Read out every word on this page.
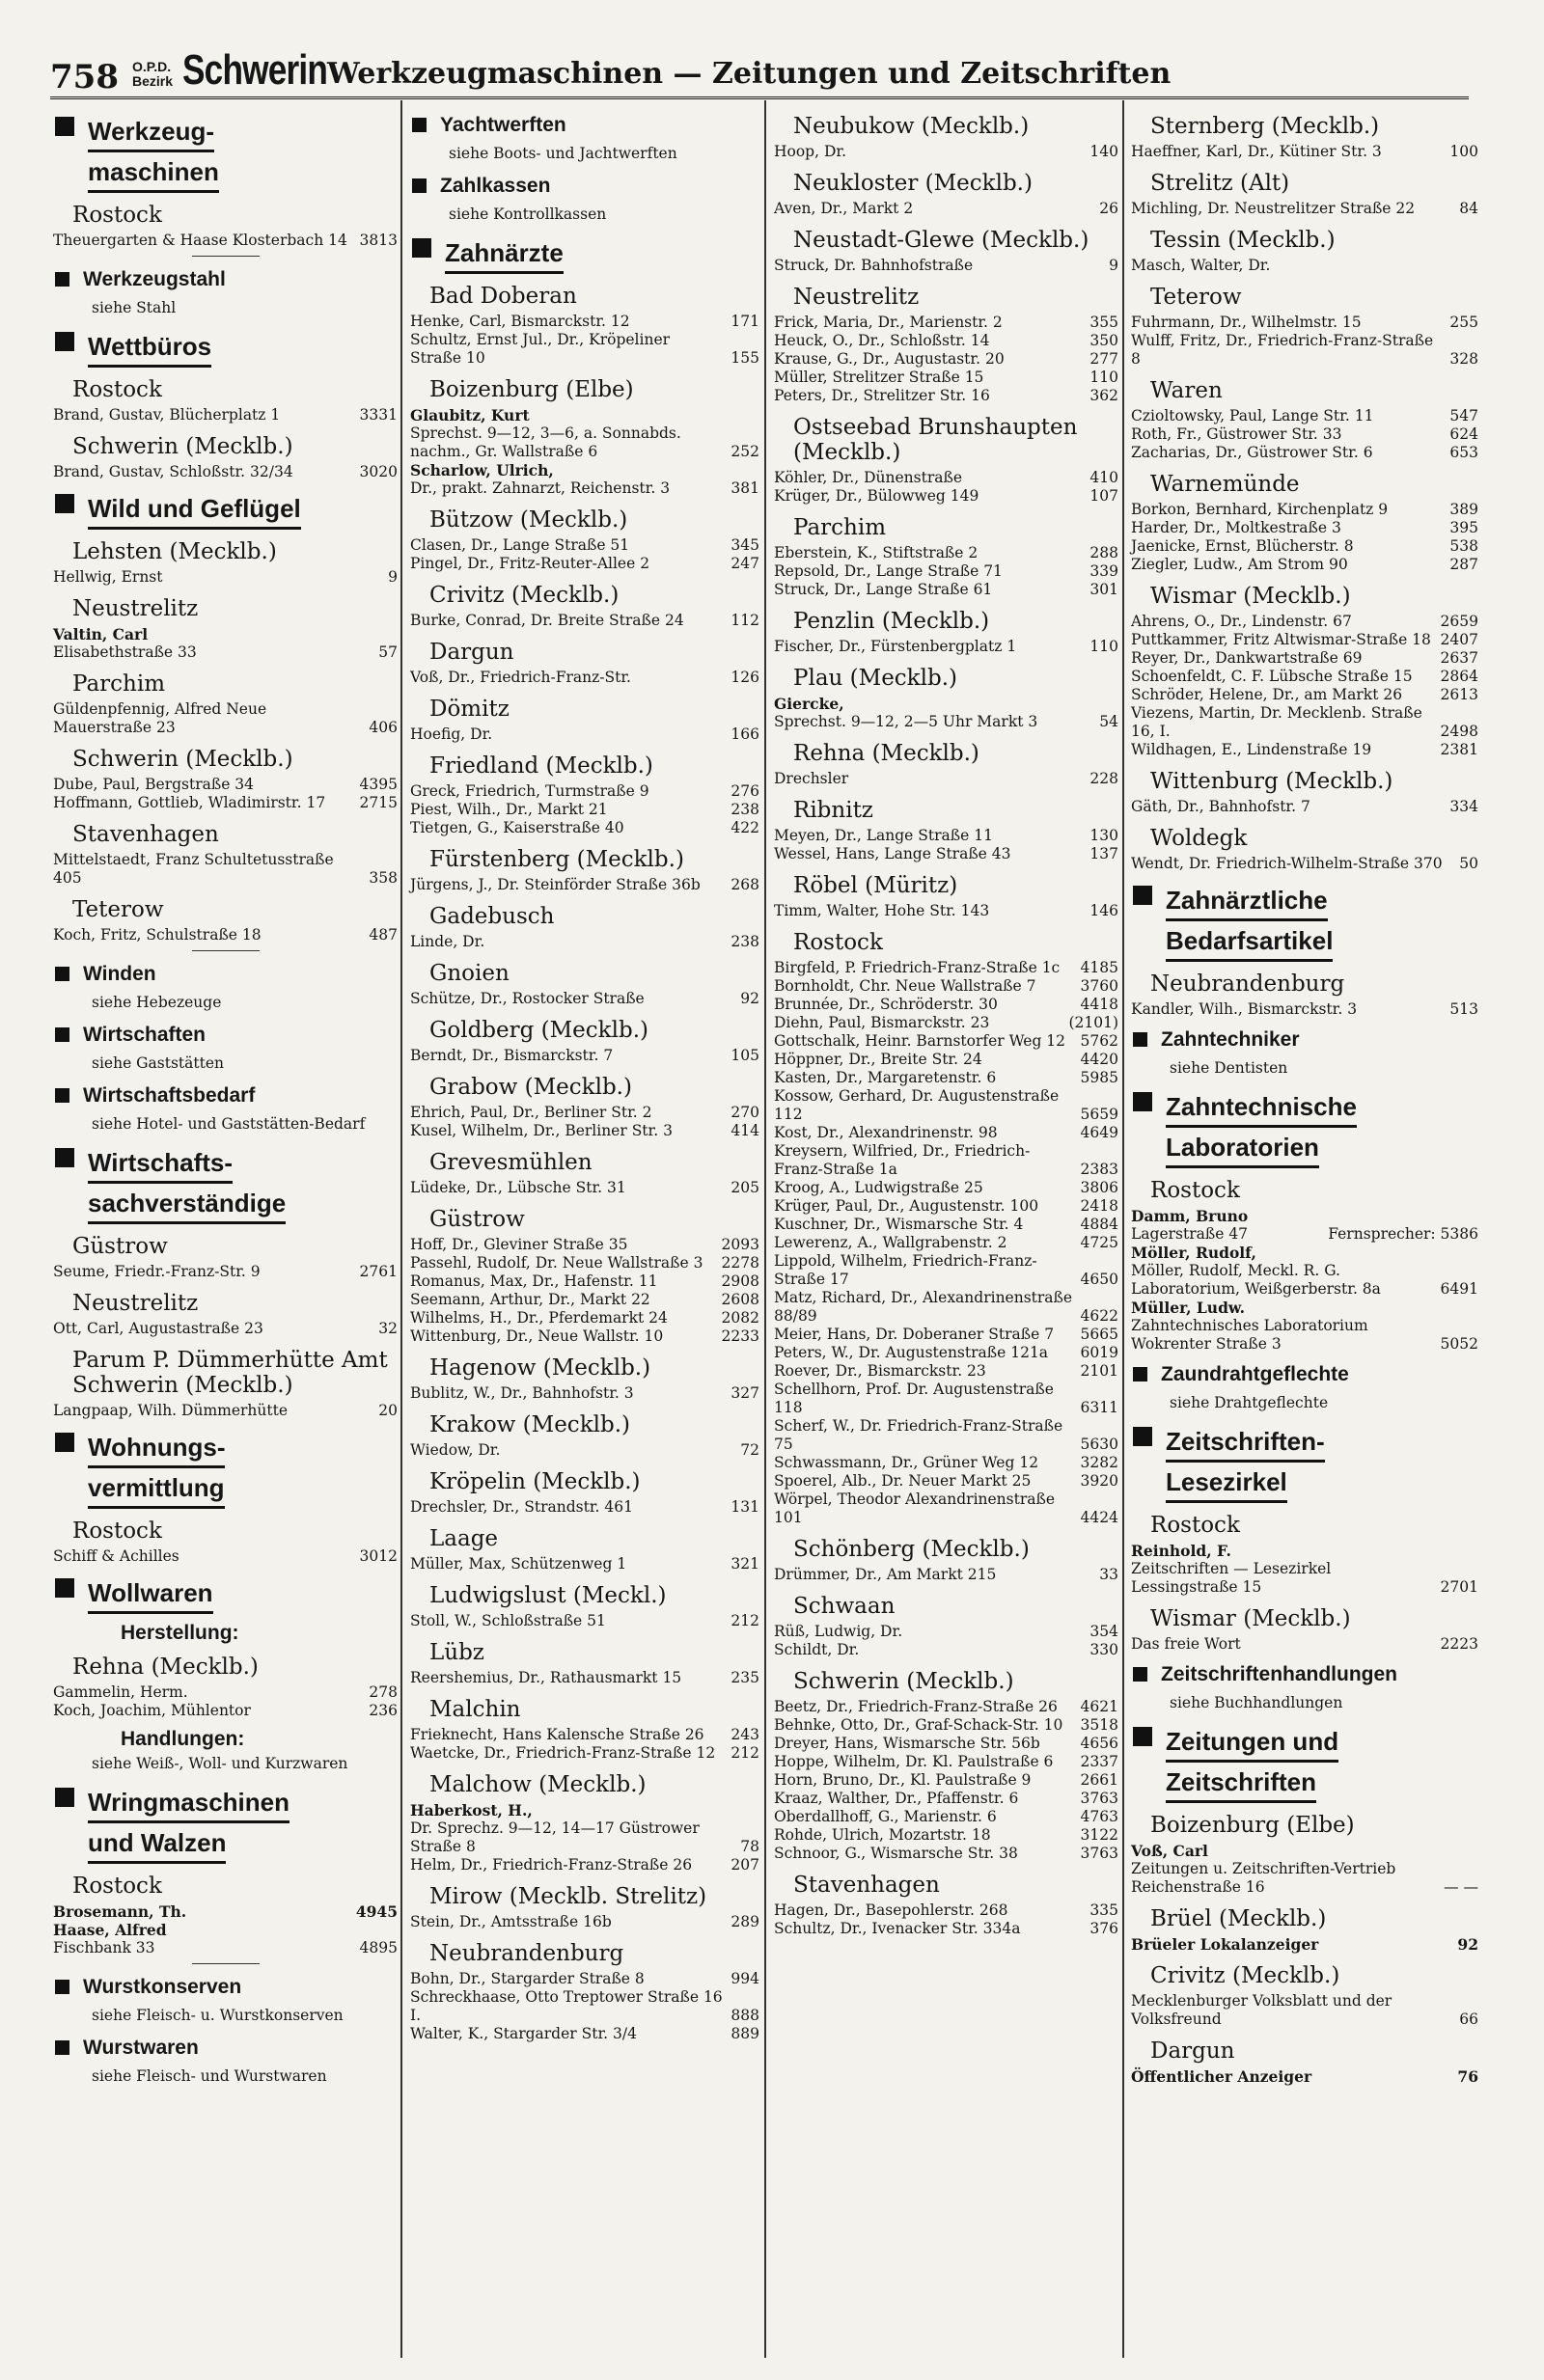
758 O.P.D.
Bezirk Schwerin Werkzeugmaschinen — Zeitungen und Zeitschriften
Werkzeug-
maschinen
Rostock
Theuergarten & Haase Klosterbach 14 3813
Werkzeugstahl
siehe Stahl
Wettbüros
Rostock
Brand, Gustav, Blücherplatz 1	3331
Schwerin (Mecklb.)
Brand, Gustav, Schloßstr. 32/34	3020
Wild und Geflügel
Lehsten (Mecklb.)
Hellwig, Ernst	9
Neustrelitz
Valtin, Carl
Elisabethstraße 33	57
Parchim
Güldenpfennig, Alfred Neue Mauerstraße 23	406
Schwerin (Mecklb.)
Dube, Paul, Bergstraße 34	4395
Hoffmann, Gottlieb, Wladimirstr. 17	2715
Stavenhagen
Mittelstaedt, Franz Schultetusstraße 405	358
Teterow
Koch, Fritz, Schulstraße 18	487
Winden
siehe Hebezeuge
Wirtschaften
siehe Gaststätten
Wirtschaftsbedarf
siehe Hotel- und Gaststätten-Bedarf
Wirtschafts-
sachverständige
Güstrow
Seume, Friedr.-Franz-Str. 9	2761
Neustrelitz
Ott, Carl, Augustastraße 23	32
Parum P. Dümmerhütte Amt Schwerin (Mecklb.)
Langpaap, Wilh. Dümmerhütte	20
Wohnungs-
vermittlung
Rostock
Schiff & Achilles	3012
Wollwaren
Herstellung:
Rehna (Mecklb.)
Gammelin, Herm.	278
Koch, Joachim, Mühlentor	236
Handlungen:
siehe Weiß-, Woll- und Kurzwaren
Wringmaschinen
und Walzen
Rostock
Brosemann, Th.	4945
Haase, Alfred
Fischbank 33	4895
Wurstkonserven
siehe Fleisch- u. Wurstkonserven
Wurstwaren
siehe Fleisch- und Wurstwaren
Yachtwerften
siehe Boots- und Jachtwerften
Zahlkassen
siehe Kontrollkassen
Zahnärzte
Bad Doberan
Henke, Carl, Bismarckstr. 12	171
Schultz, Ernst Jul., Dr., Kröpeliner Straße 10	155
Boizenburg (Elbe)
Glaubitz, Kurt
Sprechst. 9—12, 3—6, a. Sonnabds. nachm., Gr. Wallstraße 6	252
Scharlow, Ulrich,
Dr., prakt. Zahnarzt, Reichenstr. 3	381
Bützow (Mecklb.)
Clasen, Dr., Lange Straße 51	345
Pingel, Dr., Fritz-Reuter-Allee 2	247
Crivitz (Mecklb.)
Burke, Conrad, Dr. Breite Straße 24	112
Dargun
Voß, Dr., Friedrich-Franz-Str.	126
Dömitz
Hoefig, Dr.	166
Friedland (Mecklb.)
Greck, Friedrich, Turmstraße 9	276
Piest, Wilh., Dr., Markt 21	238
Tietgen, G., Kaiserstraße 40	422
Fürstenberg (Mecklb.)
Jürgens, J., Dr. Steinförder Straße 36b	268
Gadebusch
Linde, Dr.	238
Gnoien
Schütze, Dr., Rostocker Straße	92
Goldberg (Mecklb.)
Berndt, Dr., Bismarckstr. 7	105
Grabow (Mecklb.)
Ehrich, Paul, Dr., Berliner Str. 2	270
Kusel, Wilhelm, Dr., Berliner Str. 3	414
Grevesmühlen
Lüdeke, Dr., Lübsche Str. 31	205
Güstrow
Hoff, Dr., Gleviner Straße 35	2093
Passehl, Rudolf, Dr. Neue Wallstraße 3	2278
Romanus, Max, Dr., Hafenstr. 11	2908
Seemann, Arthur, Dr., Markt 22	2608
Wilhelms, H., Dr., Pferdemarkt 24	2082
Wittenburg, Dr., Neue Wallstr. 10	2233
Hagenow (Mecklb.)
Bublitz, W., Dr., Bahnhofstr. 3	327
Krakow (Mecklb.)
Wiedow, Dr.	72
Kröpelin (Mecklb.)
Drechsler, Dr., Strandstr. 461	131
Laage
Müller, Max, Schützenweg 1	321
Ludwigslust (Meckl.)
Stoll, W., Schloßstraße 51	212
Lübz
Reershemius, Dr., Rathausmarkt 15	235
Malchin
Frieknecht, Hans Kalensche Straße 26	243
Waetcke, Dr., Friedrich-Franz-Straße 12	212
Malchow (Mecklb.)
Haberkost, H.,
Dr. Sprechz. 9—12, 14—17 Güstrower Straße 8	78
Helm, Dr., Friedrich-Franz-Straße 26	207
Mirow (Mecklb. Strelitz)
Stein, Dr., Amtsstraße 16b	289
Neubrandenburg
Bohn, Dr., Stargarder Straße 8	994
Schreckhaase, Otto Treptower Straße 16 I.	888
Walter, K., Stargarder Str. 3/4	889
Neubukow (Mecklb.)
Hoop, Dr.	140
Neukloster (Mecklb.)
Aven, Dr., Markt 2	26
Neustadt-Glewe (Mecklb.)
Struck, Dr. Bahnhofstraße	9
Neustrelitz
Frick, Maria, Dr., Marienstr. 2	355
Heuck, O., Dr., Schloßstr. 14	350
Krause, G., Dr., Augustastr. 20	277
Müller, Strelitzer Straße 15	110
Peters, Dr., Strelitzer Str. 16	362
Ostseebad Brunshaupten (Mecklb.)
Köhler, Dr., Dünenstraße	410
Krüger, Dr., Bülowweg 149	107
Parchim
Eberstein, K., Stiftstraße 2	288
Repsold, Dr., Lange Straße 71	339
Struck, Dr., Lange Straße 61	301
Penzlin (Mecklb.)
Fischer, Dr., Fürstenbergplatz 1	110
Plau (Mecklb.)
Giercke,
Sprechst. 9—12, 2—5 Uhr Markt 3	54
Rehna (Mecklb.)
Drechsler	228
Ribnitz
Meyen, Dr., Lange Straße 11	130
Wessel, Hans, Lange Straße 43	137
Röbel (Müritz)
Timm, Walter, Hohe Str. 143	146
Rostock
Birgfeld, P. Friedrich-Franz-Straße 1c	4185
Bornholdt, Chr. Neue Wallstraße 7	3760
Brunnée, Dr., Schröderstr. 30	4418
Diehn, Paul, Bismarckstr. 23	(2101)
Gottschalk, Heinr. Barnstorfer Weg 12	5762
Höppner, Dr., Breite Str. 24	4420
Kasten, Dr., Margaretenstr. 6	5985
Kossow, Gerhard, Dr. Augustenstraße 112	5659
Kost, Dr., Alexandrinenstr. 98	4649
Kreysern, Wilfried, Dr., Friedrich-Franz-Straße 1a	2383
Kroog, A., Ludwigstraße 25	3806
Krüger, Paul, Dr., Augustenstr. 100	2418
Kuschner, Dr., Wismarsche Str. 4	4884
Lewerenz, A., Wallgrabenstr. 2	4725
Lippold, Wilhelm, Friedrich-Franz-Straße 17	4650
Matz, Richard, Dr., Alexandrinenstraße 88/89	4622
Meier, Hans, Dr. Doberaner Straße 7	5665
Peters, W., Dr. Augustenstraße 121a	6019
Roever, Dr., Bismarckstr. 23	2101
Schellhorn, Prof. Dr. Augustenstraße 118	6311
Scherf, W., Dr. Friedrich-Franz-Straße 75	5630
Schwassmann, Dr., Grüner Weg 12	3282
Spoerel, Alb., Dr. Neuer Markt 25	3920
Wörpel, Theodor Alexandrinenstraße 101	4424
Schönberg (Mecklb.)
Drümmer, Dr., Am Markt 215	33
Schwaan
Rüß, Ludwig, Dr.	354
Schildt, Dr.	330
Schwerin (Mecklb.)
Beetz, Dr., Friedrich-Franz-Straße 26	4621
Behnke, Otto, Dr., Graf-Schack-Str. 10	3518
Dreyer, Hans, Wismarsche Str. 56b	4656
Hoppe, Wilhelm, Dr. Kl. Paulstraße 6	2337
Horn, Bruno, Dr., Kl. Paulstraße 9	2661
Kraaz, Walther, Dr., Pfaffenstr. 6	3763
Oberdallhoff, G., Marienstr. 6	4763
Rohde, Ulrich, Mozartstr. 18	3122
Schnoor, G., Wismarsche Str. 38	3763
Stavenhagen
Hagen, Dr., Basepohlerstr. 268	335
Schultz, Dr., Ivenacker Str. 334a	376
Sternberg (Mecklb.)
Haeffner, Karl, Dr., Kütiner Str. 3	100
Strelitz (Alt)
Michling, Dr. Neustrelitzer Straße 22	84
Tessin (Mecklb.)
Masch, Walter, Dr.
Teterow
Fuhrmann, Dr., Wilhelmstr. 15	255
Wulff, Fritz, Dr., Friedrich-Franz-Straße 8	328
Waren
Czioltowsky, Paul, Lange Str. 11	547
Roth, Fr., Güstrower Str. 33	624
Zacharias, Dr., Güstrower Str. 6	653
Warnemünde
Borkon, Bernhard, Kirchenplatz 9	389
Harder, Dr., Moltkestraße 3	395
Jaenicke, Ernst, Blücherstr. 8	538
Ziegler, Ludw., Am Strom 90	287
Wismar (Mecklb.)
Ahrens, O., Dr., Lindenstr. 67	2659
Puttkammer, Fritz Altwismar-Straße 18 2407
Reyer, Dr., Dankwartstraße 69	2637
Schoenfeldt, C. F. Lübsche Straße 15	2864
Schröder, Helene, Dr., am Markt 26	2613
Viezens, Martin, Dr. Mecklenb. Straße 16, I.	2498
Wildhagen, E., Lindenstraße 19	2381
Wittenburg (Mecklb.)
Gäth, Dr., Bahnhofstr. 7	334
Woldegk
Wendt, Dr. Friedrich-Wilhelm-Straße 370	50
Zahnärztliche
Bedarfsartikel
Neubrandenburg
Kandler, Wilh., Bismarckstr. 3	513
Zahntechniker
siehe Dentisten
Zahntechnische
Laboratorien
Rostock
Damm, Bruno
Lagerstraße 47	Fernsprecher: 5386
Möller, Rudolf,
Möller, Rudolf, Meckl. R. G. Laboratorium, Weißgerberstr. 8a	6491
Müller, Ludw.
Zahntechnisches Laboratorium Wokrenter Straße 3	5052
Zaundrahtgeflechte
siehe Drahtgeflechte
Zeitschriften-
Lesezirkel
Rostock
Reinhold, F.
Zeitschriften — Lesezirkel Lessingstraße 15	2701
Wismar (Mecklb.)
Das freie Wort	2223
Zeitschriftenhandlungen
siehe Buchhandlungen
Zeitungen und
Zeitschriften
Boizenburg (Elbe)
Voß, Carl
Zeitungen u. Zeitschriften-Vertrieb Reichenstraße 16	— —
Brüel (Mecklb.)
Brüeler Lokalanzeiger	92
Crivitz (Mecklb.)
Mecklenburger Volksblatt und der Volksfreund	66
Dargun
Öffentlicher Anzeiger	76
